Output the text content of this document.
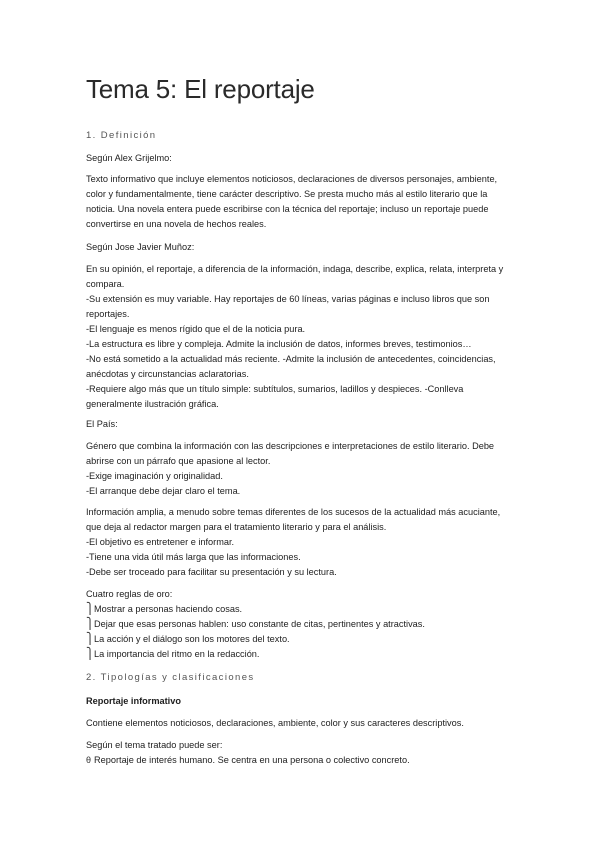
Tema 5: El reportaje
1. Definición
Según Alex Grijelmo:
Texto informativo que incluye elementos noticiosos, declaraciones de diversos personajes, ambiente, color y fundamentalmente, tiene carácter descriptivo. Se presta mucho más al estilo literario que la noticia. Una novela entera puede escribirse con la técnica del reportaje; incluso un reportaje puede convertirse en una novela de hechos reales.
Según Jose Javier Muñoz:

En su opinión, el reportaje, a diferencia de la información, indaga, describe, explica, relata, interpreta y compara.

-Su extensión es muy variable. Hay reportajes de 60 líneas, varias páginas e incluso libros que son reportajes.

-El lenguaje es menos rígido que el de la noticia pura.

-La estructura es libre y compleja. Admite la inclusión de datos, informes breves, testimonios…

-No está sometido a la actualidad más reciente. -Admite la inclusión de antecedentes, coincidencias, anécdotas y circunstancias aclaratorias.

-Requiere algo más que un título simple: subtítulos, sumarios, ladillos y despieces. -Conlleva generalmente ilustración gráfica.

El País:

Género que combina la información con las descripciones e interpretaciones de estilo literario. Debe abrirse con un párrafo que apasione al lector.

-Exige imaginación y originalidad.

-El arranque debe dejar claro el tema.

Información amplia, a menudo sobre temas diferentes de los sucesos de la actualidad más acuciante, que deja al redactor margen para el tratamiento literario y para el análisis.

-El objetivo es entretener e informar.

-Tiene una vida útil más larga que las informaciones.

-Debe ser troceado para facilitar su presentación y su lectura.

Cuatro reglas de oro:
⎫ Mostrar a personas haciendo cosas.
⎫ Dejar que esas personas hablen: uso constante de citas, pertinentes y atractivas.
⎫ La acción y el diálogo son los motores del texto.
⎫ La importancia del ritmo en la redacción.
2. Tipologías y clasificaciones
Reportaje informativo
Contiene elementos noticiosos, declaraciones, ambiente, color y sus caracteres descriptivos.
Según el tema tratado puede ser:
θ Reportaje de interés humano. Se centra en una persona o colectivo concreto.
